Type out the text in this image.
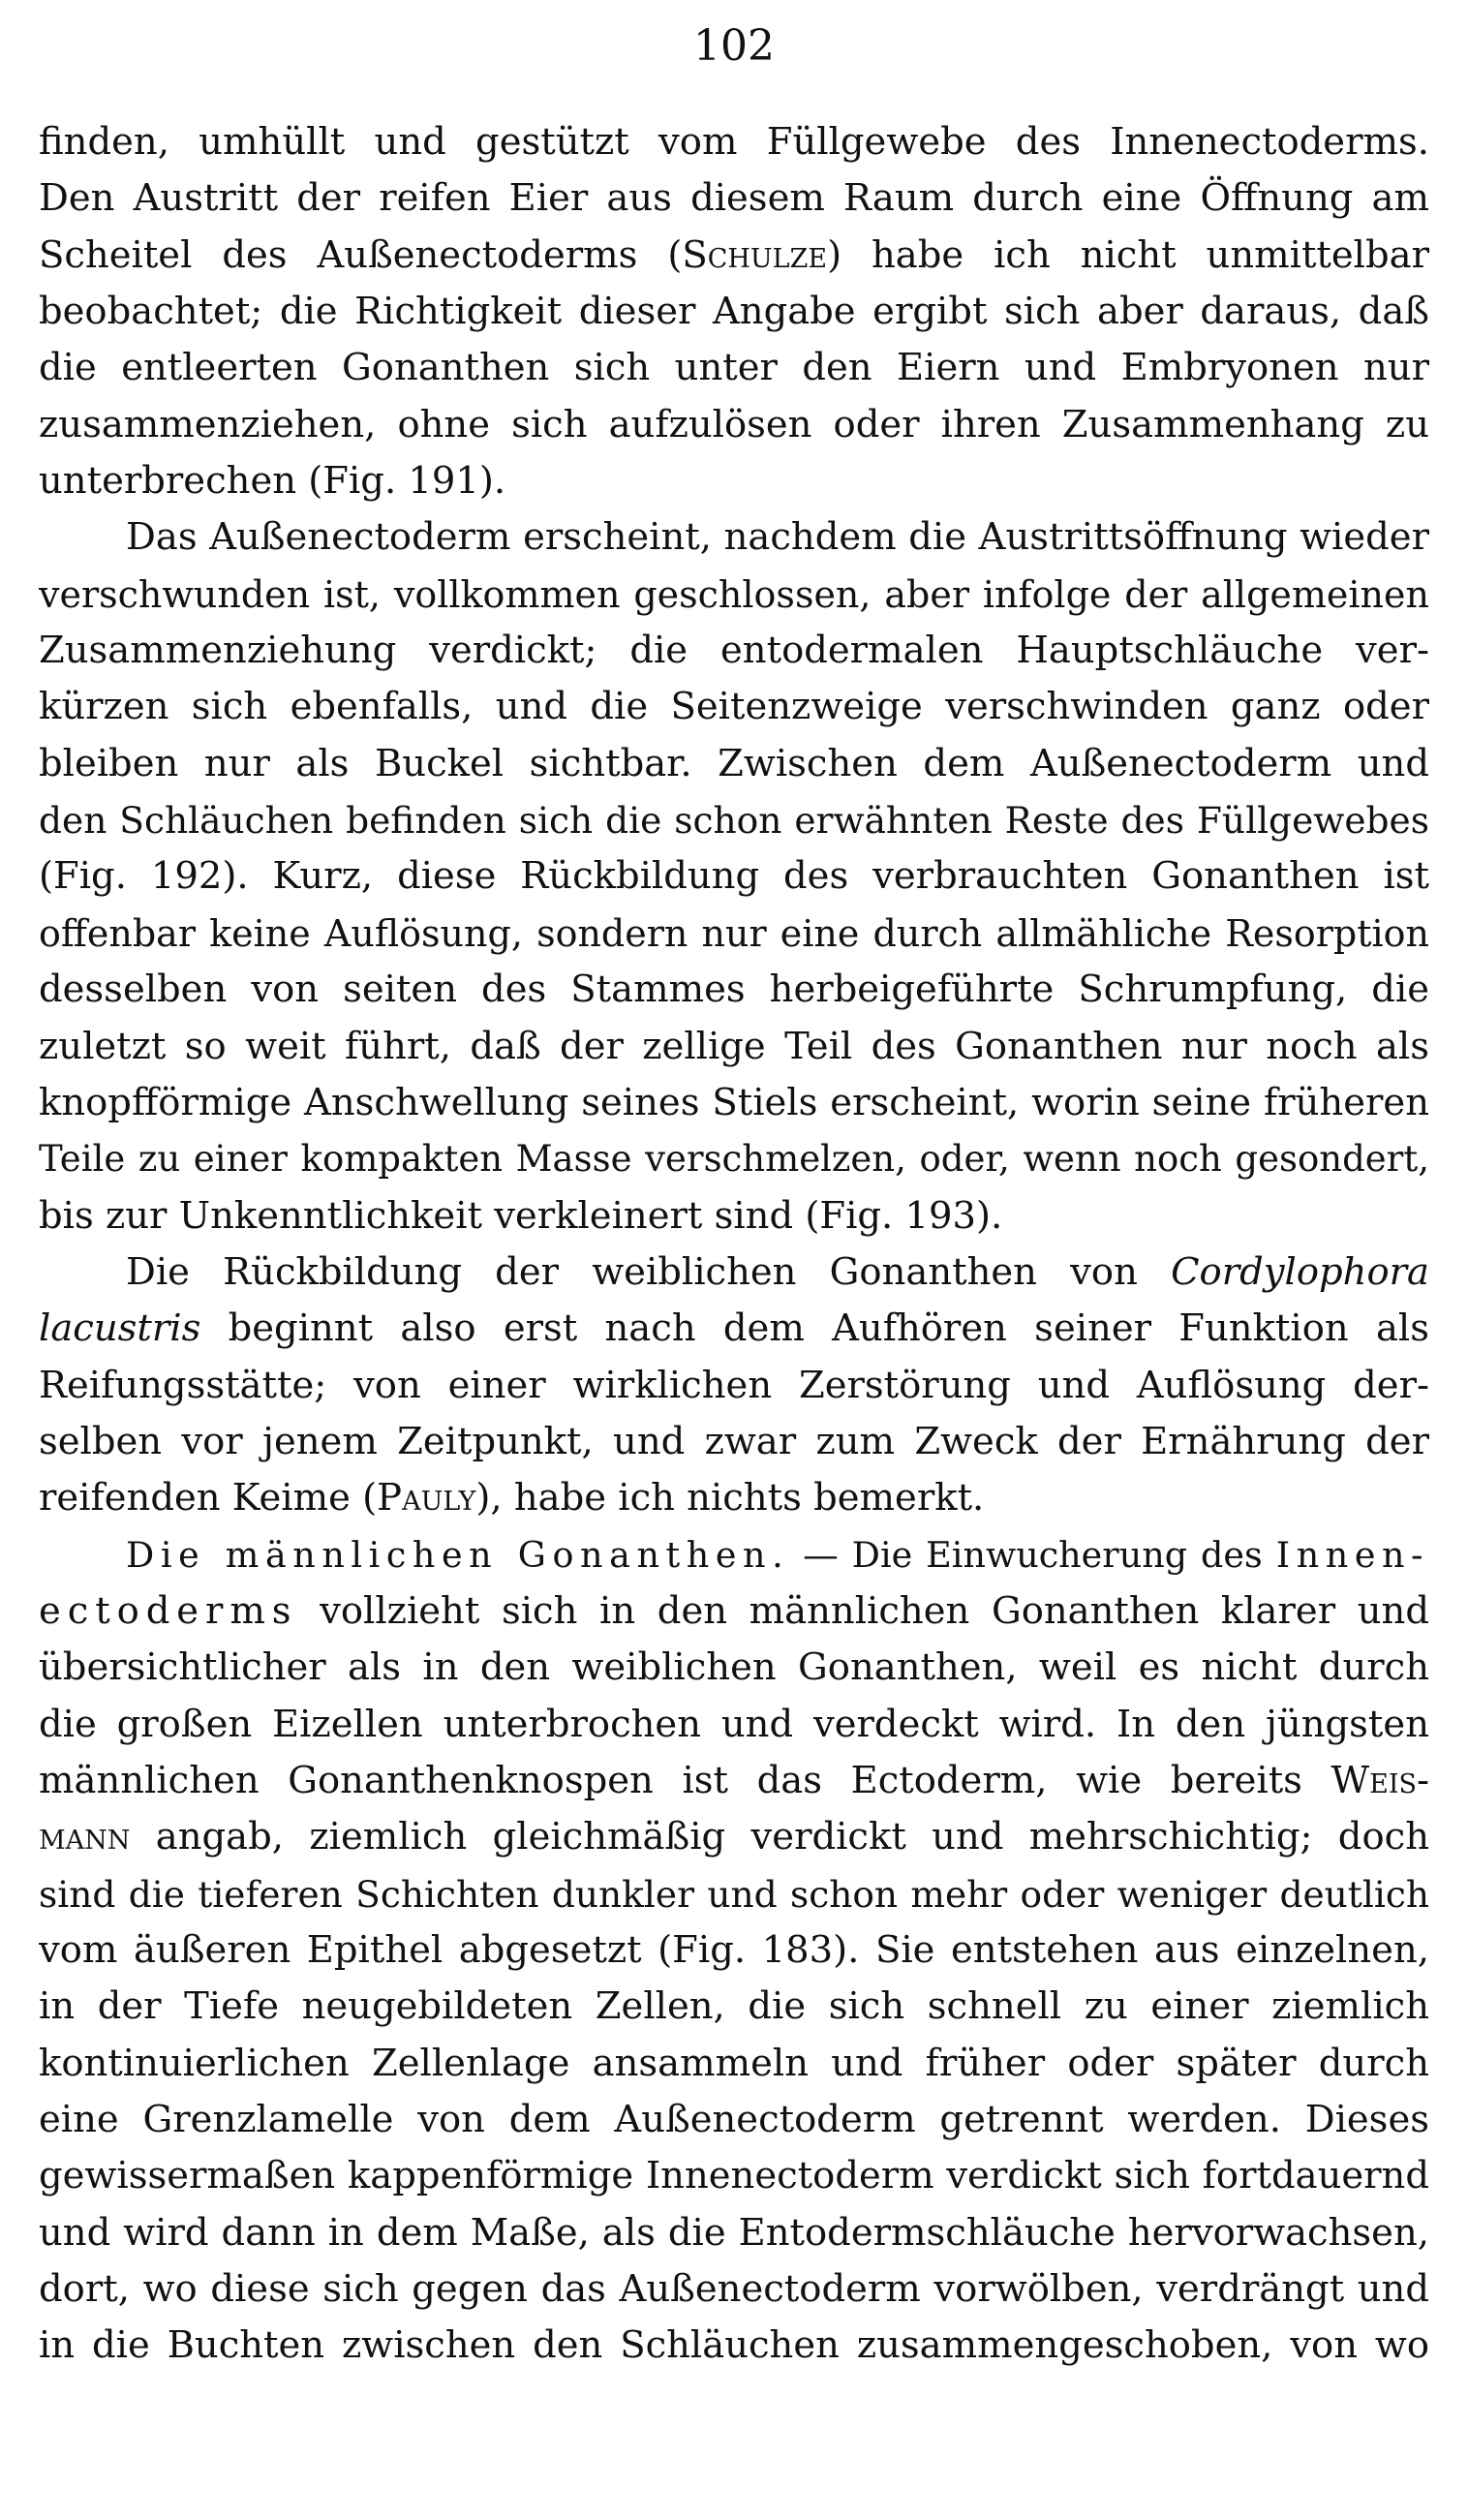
102
finden, umhüllt und gestützt vom Füllgewebe des Innenectoderms.
Den Austritt der reifen Eier aus diesem Raum durch eine Öffnung am
Scheitel des Außenectoderms (Schulze) habe ich nicht unmittelbar
beobachtet; die Richtigkeit dieser Angabe ergibt sich aber daraus, daß
die entleerten Gonanthen sich unter den Eiern und Embryonen nur
zusammenziehen, ohne sich aufzulösen oder ihren Zusammenhang zu
unterbrechen (Fig. 191).
Das Außenectoderm erscheint, nachdem die Austrittsöffnung wieder
verschwunden ist, vollkommen geschlossen, aber infolge der allgemeinen
Zusammenziehung verdickt; die entodermalen Hauptschläuche ver-
kürzen sich ebenfalls, und die Seitenzweige verschwinden ganz oder
bleiben nur als Buckel sichtbar. Zwischen dem Außenectoderm und
den Schläuchen befinden sich die schon erwähnten Reste des Füllgewebes
(Fig. 192). Kurz, diese Rückbildung des verbrauchten Gonanthen ist
offenbar keine Auflösung, sondern nur eine durch allmähliche Resorption
desselben von seiten des Stammes herbeigeführte Schrumpfung, die
zuletzt so weit führt, daß der zellige Teil des Gonanthen nur noch als
knopfförmige Anschwellung seines Stiels erscheint, worin seine früheren
Teile zu einer kompakten Masse verschmelzen, oder, wenn noch gesondert,
bis zur Unkenntlichkeit verkleinert sind (Fig. 193).
Die Rückbildung der weiblichen Gonanthen von Cordylophora
lacustris beginnt also erst nach dem Aufhören seiner Funktion als
Reifungsstätte; von einer wirklichen Zerstörung und Auflösung der-
selben vor jenem Zeitpunkt, und zwar zum Zweck der Ernährung der
reifenden Keime (Pauly), habe ich nichts bemerkt.
Die männlichen Gonanthen. — Die Einwucherung des Innen-
ectoderms vollzieht sich in den männlichen Gonanthen klarer und
übersichtlicher als in den weiblichen Gonanthen, weil es nicht durch
die großen Eizellen unterbrochen und verdeckt wird. In den jüngsten
männlichen Gonanthenknospen ist das Ectoderm, wie bereits Weis-
mann angab, ziemlich gleichmäßig verdickt und mehrschichtig; doch
sind die tieferen Schichten dunkler und schon mehr oder weniger deutlich
vom äußeren Epithel abgesetzt (Fig. 183). Sie entstehen aus einzelnen,
in der Tiefe neugebildeten Zellen, die sich schnell zu einer ziemlich
kontinuierlichen Zellenlage ansammeln und früher oder später durch
eine Grenzlamelle von dem Außenectoderm getrennt werden. Dieses
gewissermaßen kappenförmige Innenectoderm verdickt sich fortdauernd
und wird dann in dem Maße, als die Entodermschläuche hervorwachsen,
dort, wo diese sich gegen das Außenectoderm vorwölben, verdrängt und
in die Buchten zwischen den Schläuchen zusammengeschoben, von wo
